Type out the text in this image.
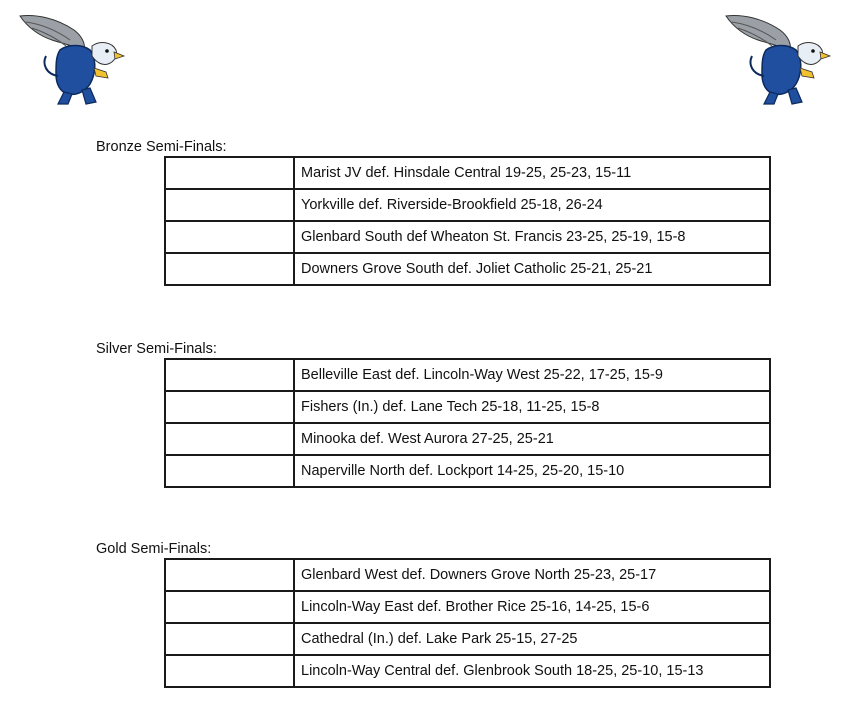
Bronze Semi-Finals:

	Marist JV def. Hinsdale Central 19-25, 25-23, 15-11
	Yorkville def. Riverside-Brookfield 25-18, 26-24
	Glenbard South def Wheaton St. Francis 23-25, 25-19, 15-8
	Downers Grove South def. Joliet Catholic 25-21, 25-21

Silver Semi-Finals:

	Belleville East def. Lincoln-Way West 25-22, 17-25, 15-9
	Fishers (In.) def. Lane Tech 25-18, 11-25, 15-8
	Minooka def. West Aurora 27-25, 25-21
	Naperville North def. Lockport 14-25, 25-20, 15-10

Gold Semi-Finals:

	Glenbard West def. Downers Grove North 25-23, 25-17
	Lincoln-Way East def. Brother Rice 25-16, 14-25, 15-6
	Cathedral (In.) def. Lake Park 25-15, 27-25
	Lincoln-Way Central def. Glenbrook South 18-25, 25-10, 15-13
